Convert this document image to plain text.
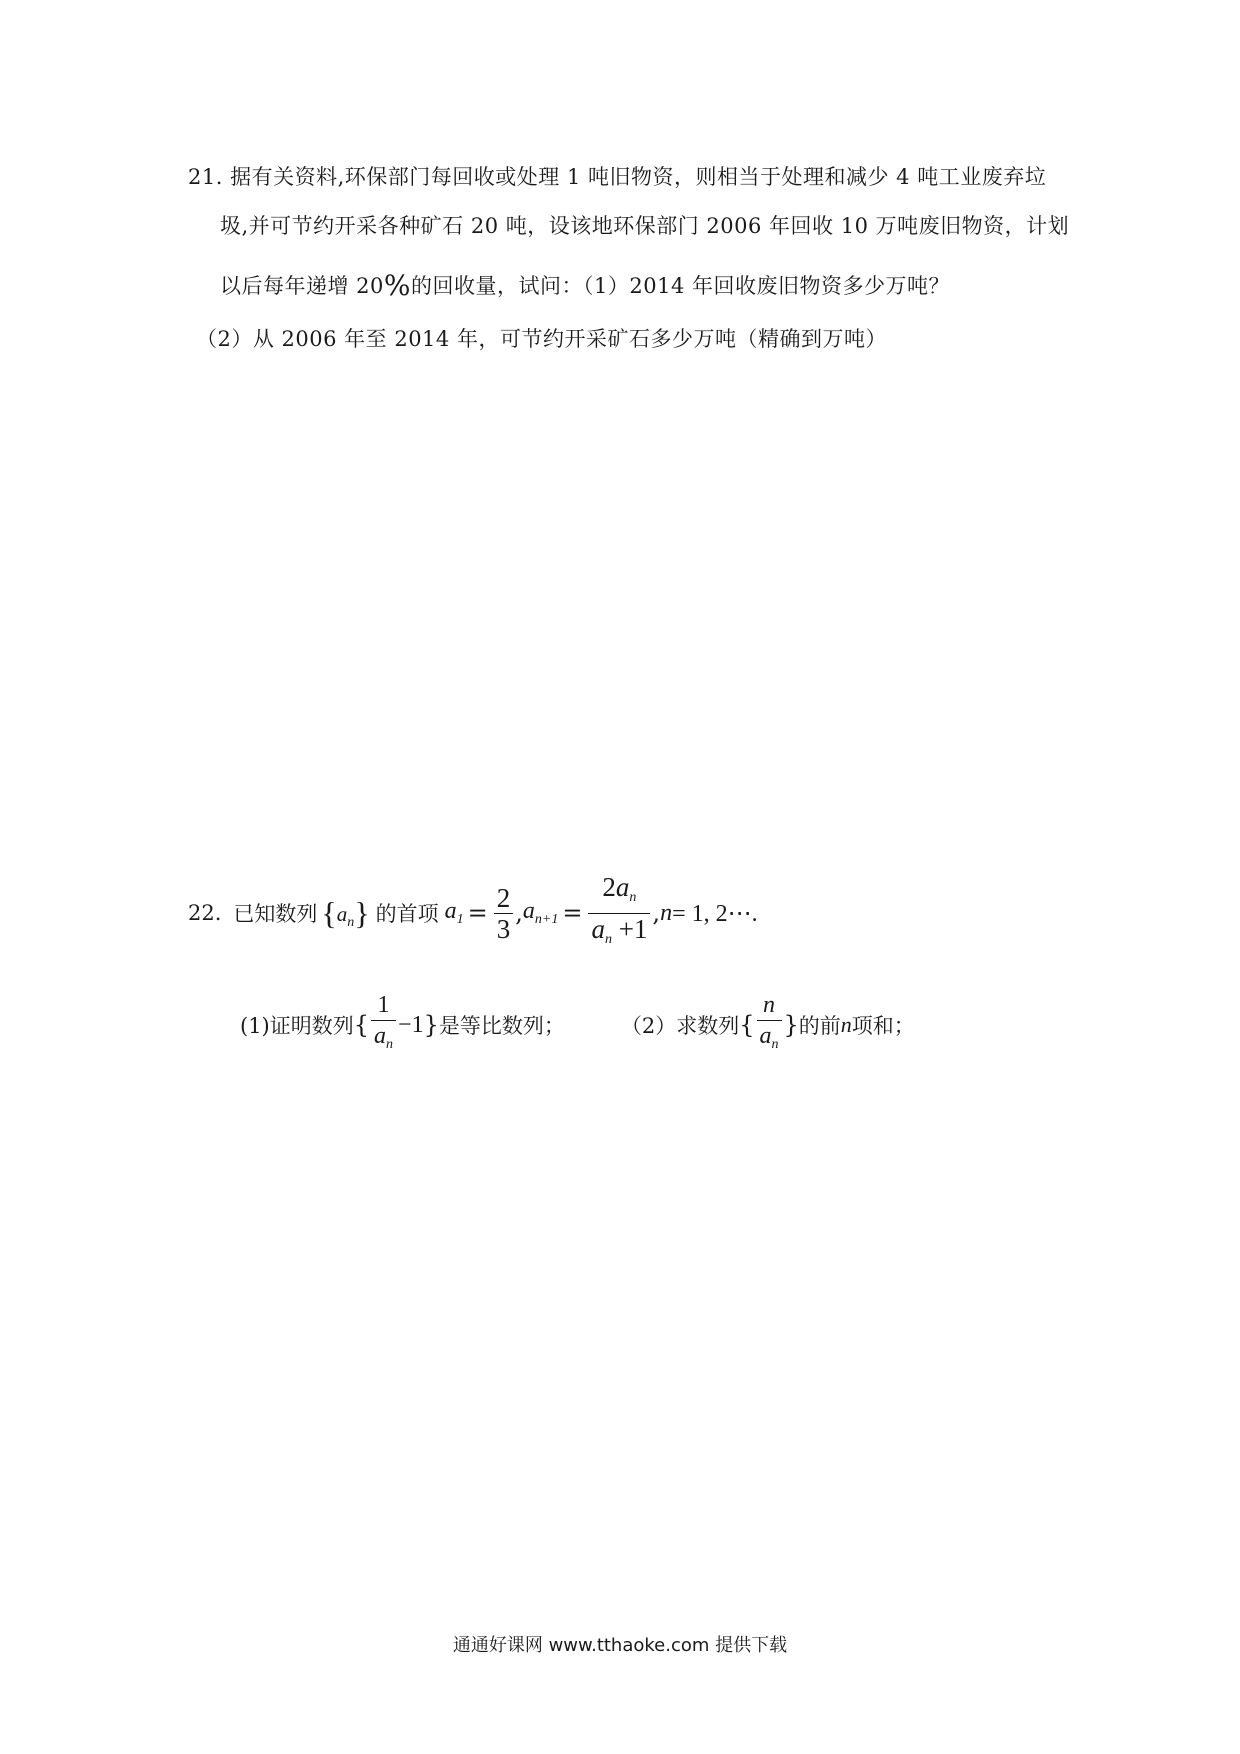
21. 据有关资料,环保部门每回收或处理 1 吨旧物资，则相当于处理和减少 4 吨工业废弃垃
圾,并可节约开采各种矿石 20 吨，设该地环保部门 2006 年回收 10 万吨废旧物资，计划
以后每年递增 20%的回收量，试问：（1）2014 年回收废旧物资多少万吨？
（2）从 2006 年至 2014 年，可节约开采矿石多少万吨（精确到万吨）
22. 已知数列 $\{a_n\}$ 的首项 $a_1 = \frac{2}{3}$ , $a_{n+1} = \frac{2a_n}{a_n +1}$ , n = 1, 2⋯.
(1)证明数列 { $\frac{1}{a_n} -1$ } 是等比数列；	（2）求数列 { $\frac{n}{a_n}$ } 的前 n 项和；
通通好课网 www.tthaoke.com 提供下载
